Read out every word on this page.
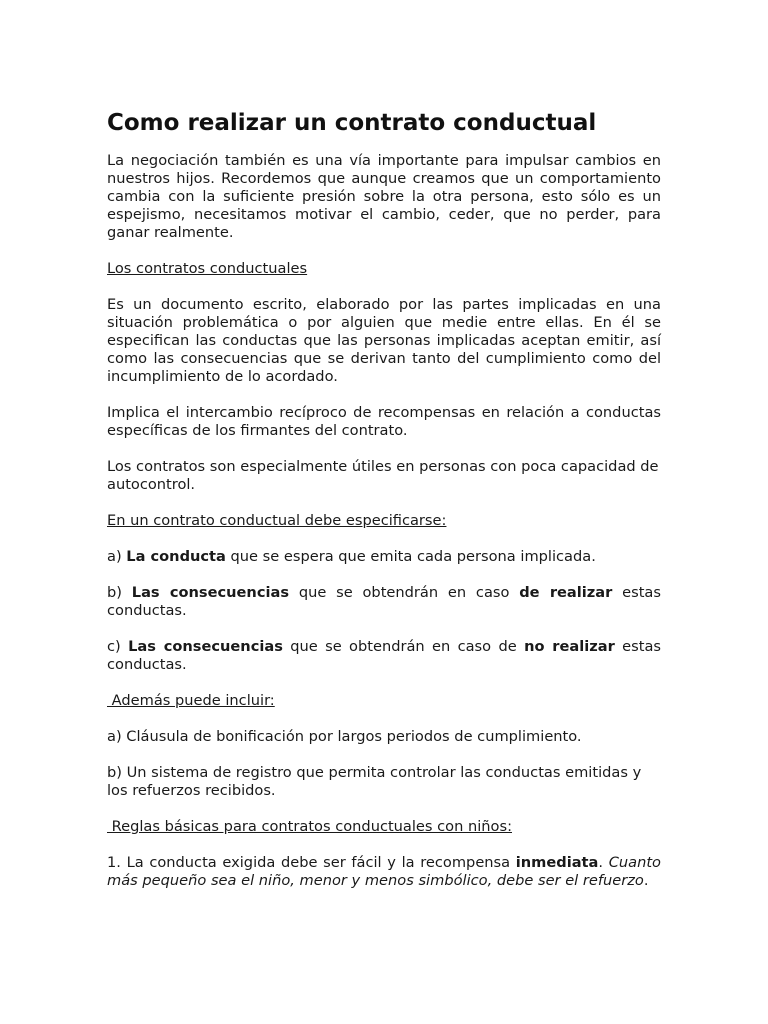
Como realizar un contrato conductual

La negociación también es una vía importante para impulsar cambios en nuestros hijos. Recordemos que aunque creamos que un comportamiento cambia con la suficiente presión sobre la otra persona, esto sólo es un espejismo, necesitamos motivar el cambio, ceder, que no perder, para ganar realmente.

Los contratos conductuales

Es un documento escrito, elaborado por las partes implicadas en una situación problemática o por alguien que medie entre ellas. En él se especifican las conductas que las personas implicadas aceptan emitir, así como las consecuencias que se derivan tanto del cumplimiento como del incumplimiento de lo acordado.

Implica el intercambio recíproco de recompensas en relación a conductas específicas de los firmantes del contrato.

Los contratos son especialmente útiles en personas con poca capacidad de autocontrol.

En un contrato conductual debe especificarse:

a) La conducta que se espera que emita cada persona implicada.

b) Las consecuencias que se obtendrán en caso de realizar estas conductas.

c) Las consecuencias que se obtendrán en caso de no realizar estas conductas.

Además puede incluir:

a) Cláusula de bonificación por largos periodos de cumplimiento.

b) Un sistema de registro que permita controlar las conductas emitidas y los refuerzos recibidos.

Reglas básicas para contratos conductuales con niños:

1. La conducta exigida debe ser fácil y la recompensa inmediata. Cuanto más pequeño sea el niño, menor y menos simbólico, debe ser el refuerzo.
